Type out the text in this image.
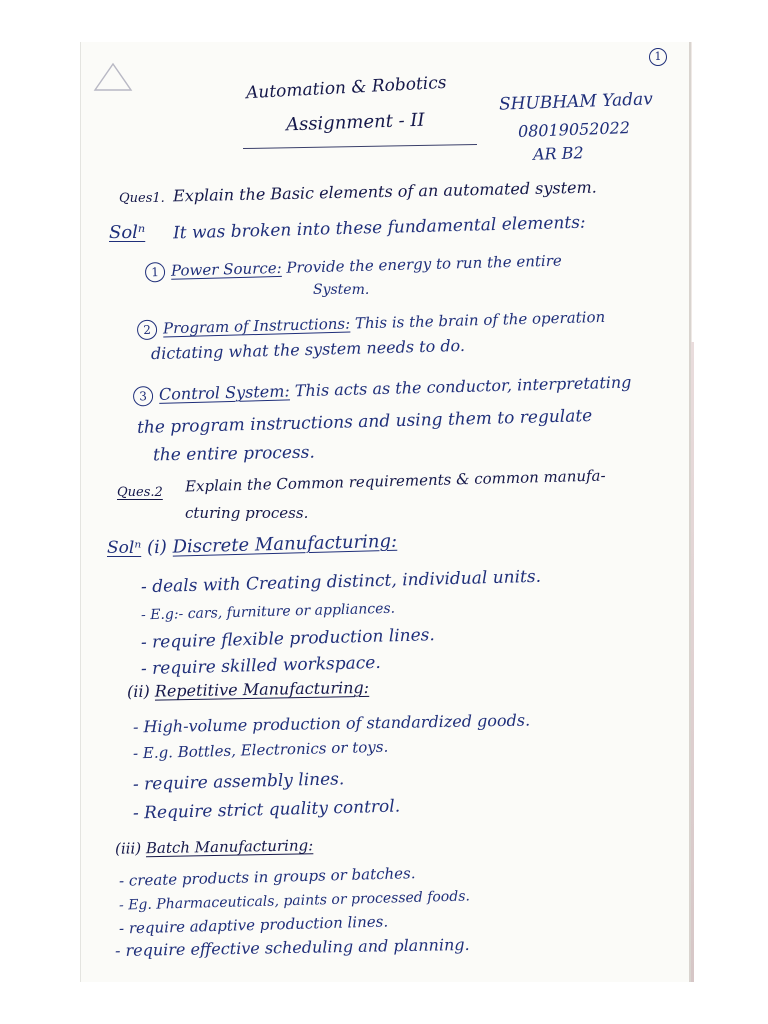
1
Automation & Robotics
Assignment - II
SHUBHAM Yadav
08019052022
AR B2
Ques1. Explain the Basic elements of an automated system.
Solⁿ It was broken into these fundamental elements:
1 Power Source: Provide the energy to run the entire
System.
2 Program of Instructions: This is the brain of the operation
dictating what the system needs to do.
3 Control System: This acts as the conductor, interpretating
the program instructions and using them to regulate
the entire process.
Ques.2 Explain the Common requirements & common manufa-
cturing process.
Solⁿ (i) Discrete Manufacturing:
- deals with Creating distinct, individual units.
- E.g:- cars, furniture or appliances.
- require flexible production lines.
- require skilled workspace.
(ii) Repetitive Manufacturing:
- High-volume production of standardized goods.
- E.g. Bottles, Electronics or toys.
- require assembly lines.
- Require strict quality control.
(iii) Batch Manufacturing:
- create products in groups or batches.
- Eg. Pharmaceuticals, paints or processed foods.
- require adaptive production lines.
- require effective scheduling and planning.
